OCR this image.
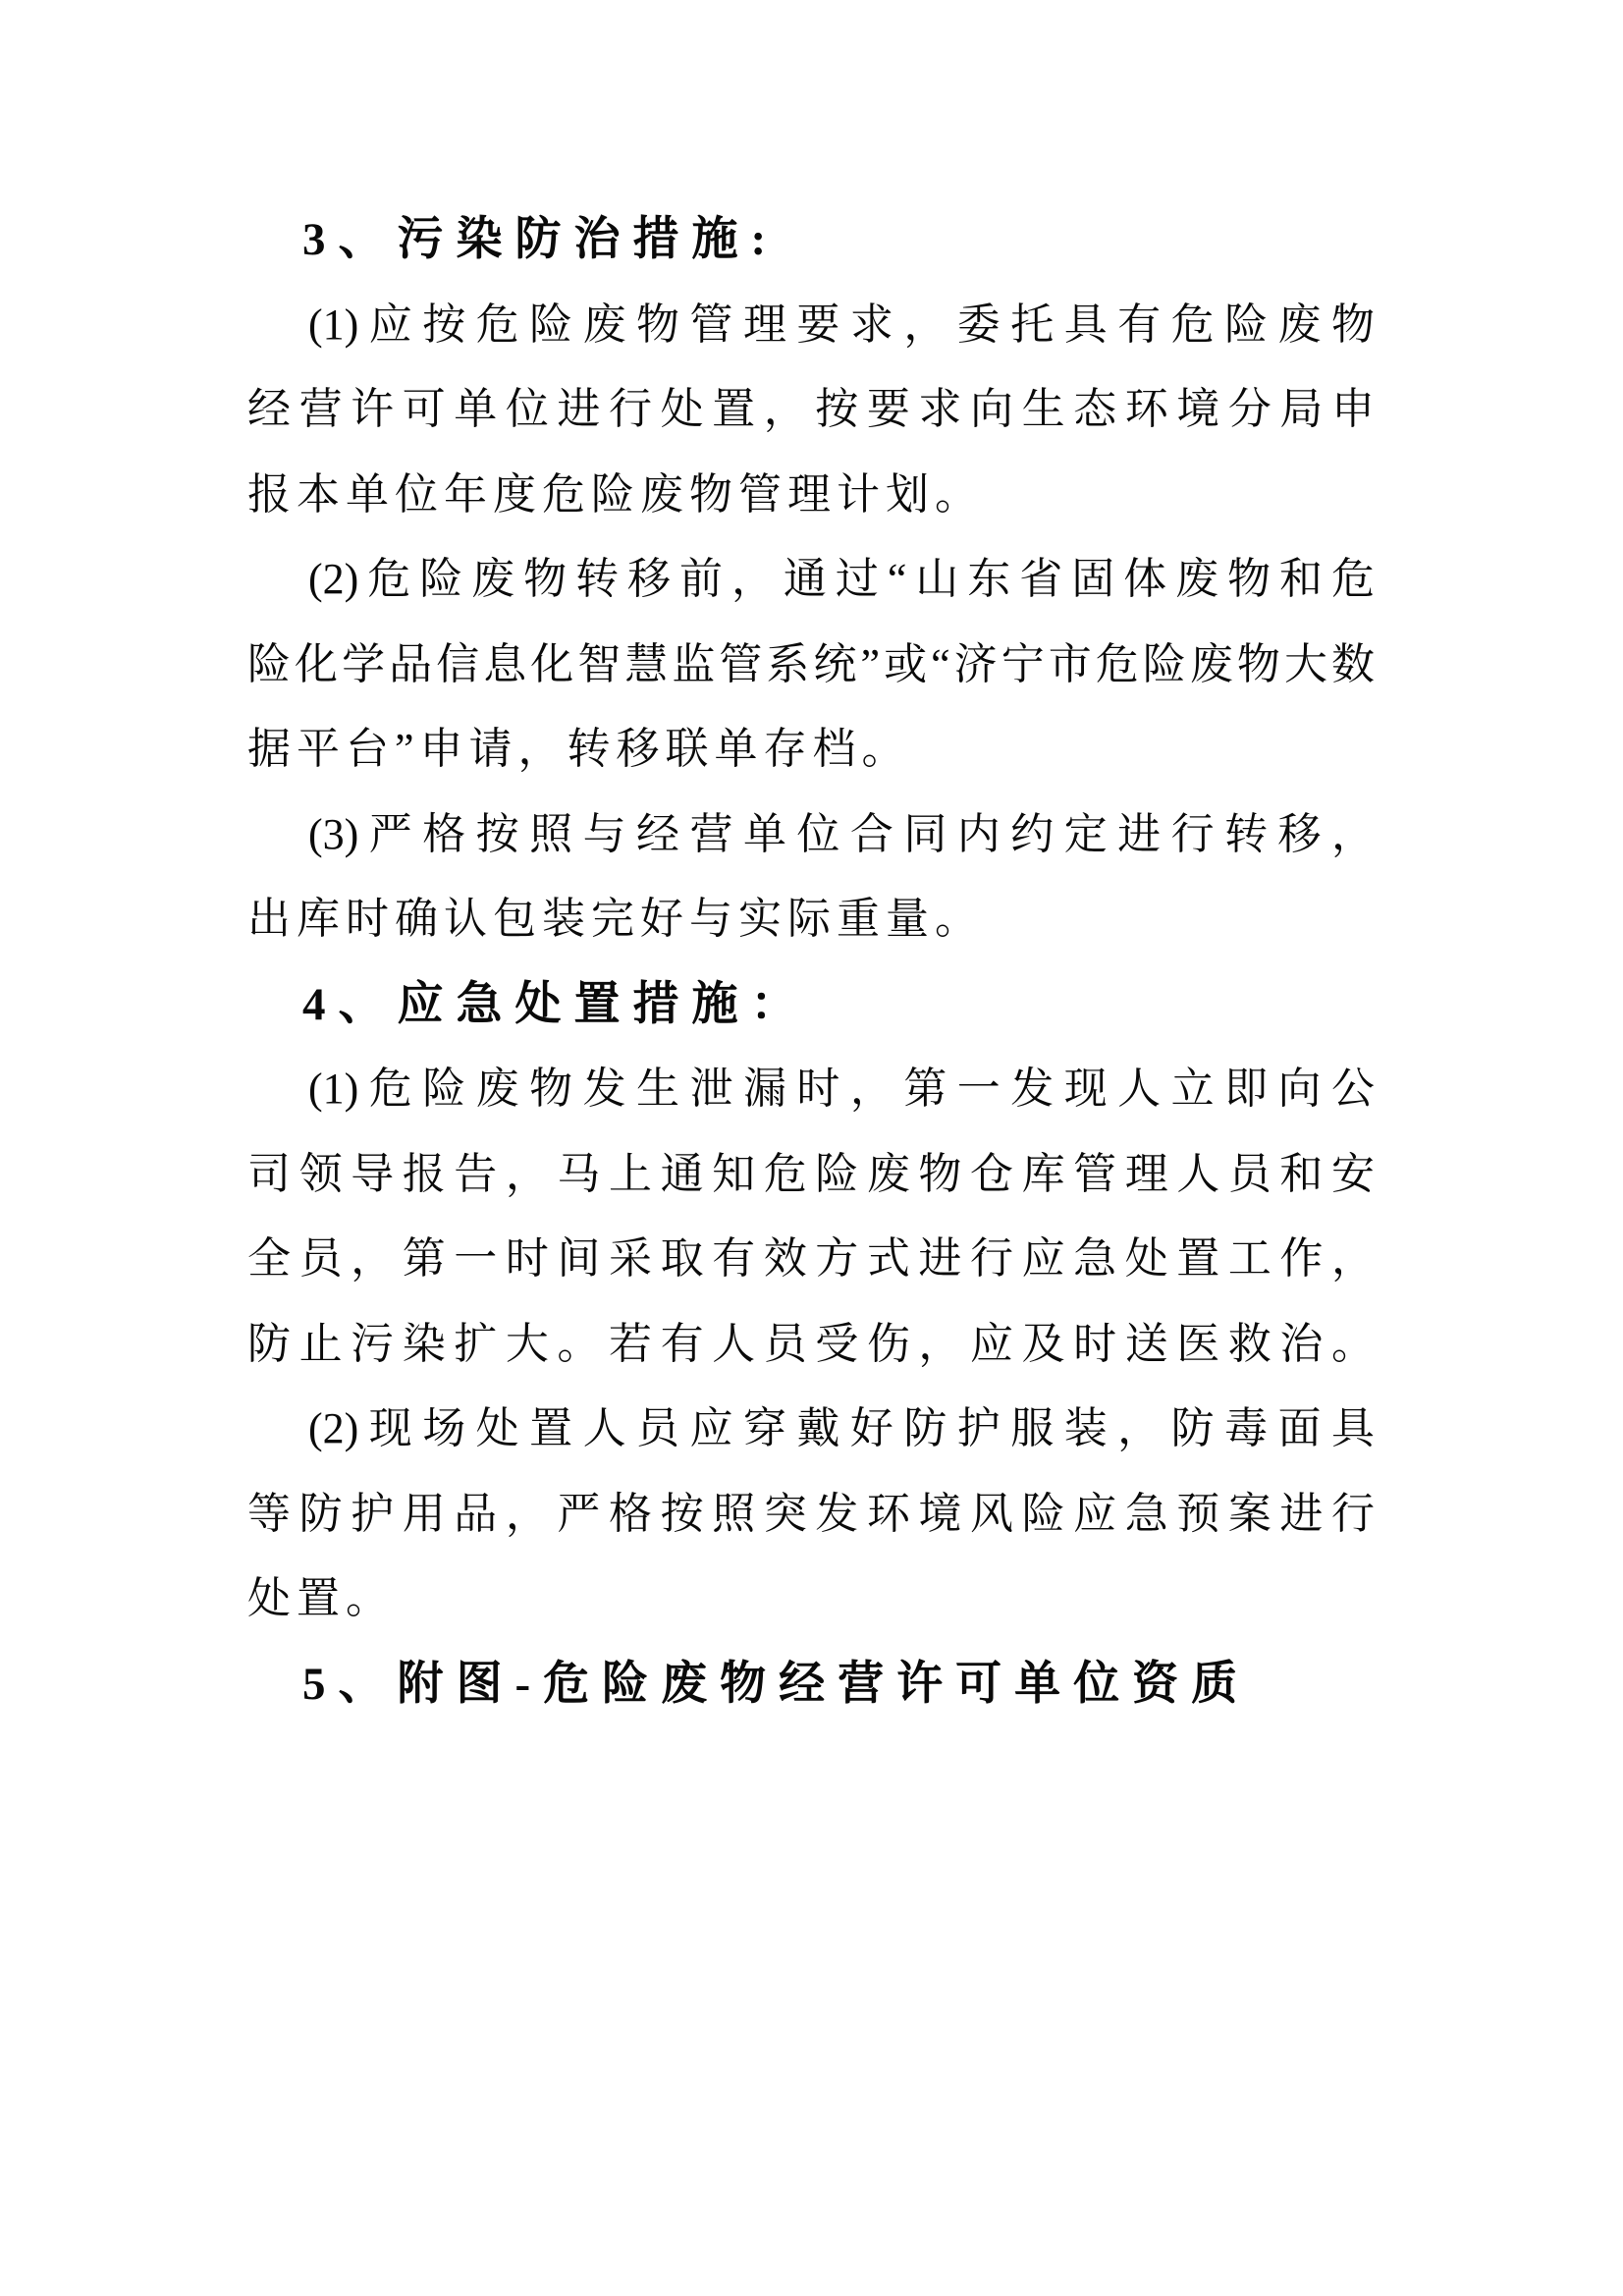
3、污染防治措施:
(1)应按危险废物管理要求，委托具有危险废物
经营许可单位进行处置，按要求向生态环境分局申
报本单位年度危险废物管理计划。
(2)危险废物转移前，通过“山东省固体废物和危
险化学品信息化智慧监管系统”或“济宁市危险废物大数
据平台”申请，转移联单存档。
(3)严格按照与经营单位合同内约定进行转移，
出库时确认包装完好与实际重量。
4、应急处置措施：
(1)危险废物发生泄漏时，第一发现人立即向公
司领导报告，马上通知危险废物仓库管理人员和安
全员，第一时间采取有效方式进行应急处置工作，
防止污染扩大。若有人员受伤，应及时送医救治。
(2)现场处置人员应穿戴好防护服装，防毒面具
等防护用品，严格按照突发环境风险应急预案进行
处置。
5、附图-危险废物经营许可单位资质
